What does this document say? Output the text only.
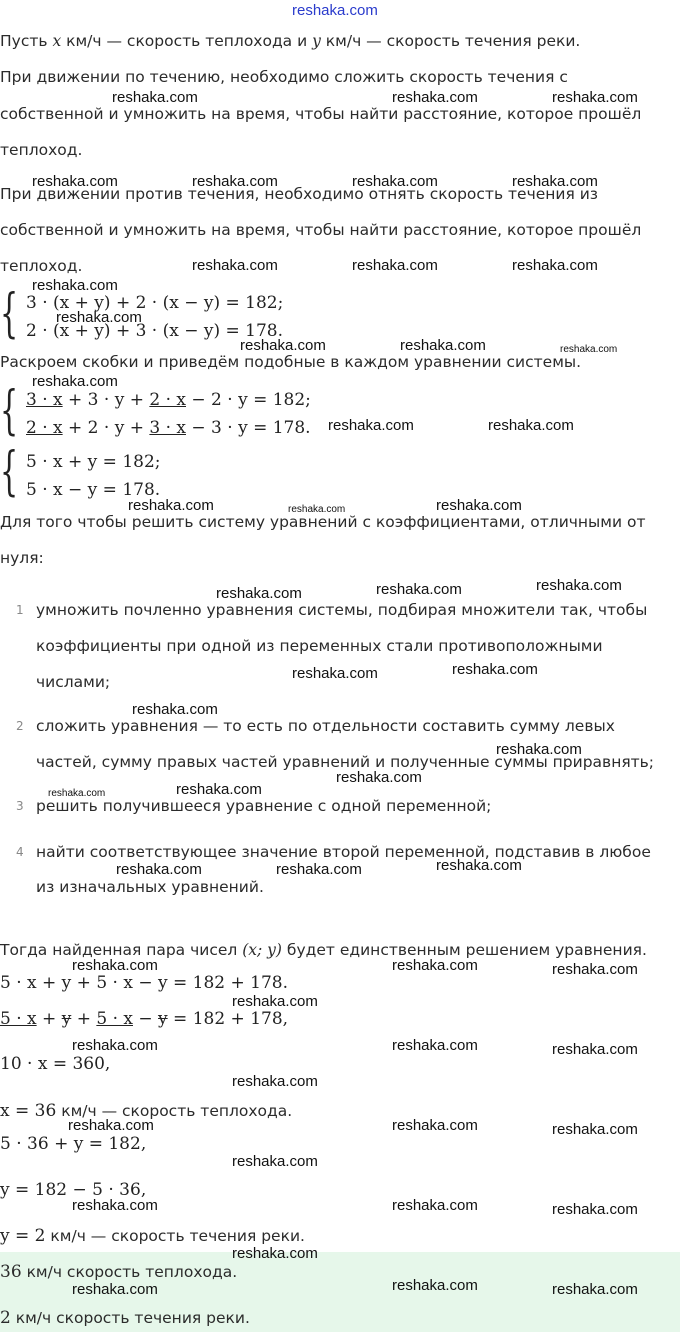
reshaka.com
Пусть x км/ч — скорость теплохода и y км/ч — скорость течения реки.
При движении по течению, необходимо сложить скорость течения с
собственной и умножить на время, чтобы найти расстояние, которое прошёл
теплоход.
При движении против течения, необходимо отнять скорость течения из
собственной и умножить на время, чтобы найти расстояние, которое прошёл
теплоход.
{ 3 · (x + y) + 2 · (x − y) = 182;
2 · (x + y) + 3 · (x − y) = 178.
Раскроем скобки и приведём подобные в каждом уравнении системы.
{ 3 · x + 3 · y + 2 · x − 2 · y = 182;
2 · x + 2 · y + 3 · x − 3 · y = 178.
{ 5 · x + y = 182;
5 · x − y = 178.
Для того чтобы решить систему уравнений с коэффициентами, отличными от
нуля:
1 умножить почленно уравнения системы, подбирая множители так, чтобы
коэффициенты при одной из переменных стали противоположными
числами;
2 сложить уравнения — то есть по отдельности составить сумму левых
частей, сумму правых частей уравнений и полученные суммы приравнять;
3 решить получившееся уравнение с одной переменной;
4 найти соответствующее значение второй переменной, подставив в любое
из изначальных уравнений.
Тогда найденная пара чисел (x; y) будет единственным решением уравнения.
5 · x + y + 5 · x − y = 182 + 178.
5 · x + y + 5 · x − y = 182 + 178,
10 · x = 360,
x = 36 км/ч — скорость теплохода.
5 · 36 + y = 182,
y = 182 − 5 · 36,
y = 2 км/ч — скорость течения реки.
36 км/ч скорость теплохода.
2 км/ч скорость течения реки.
reshaka.com	reshaka.com	reshaka.com
reshaka.com	reshaka.com	reshaka.com	reshaka.com
reshaka.com	reshaka.com	reshaka.com
reshaka.com
reshaka.com
reshaka.com	reshaka.com	reshaka.com
reshaka.com
reshaka.com	reshaka.com
reshaka.com	reshaka.com	reshaka.com
reshaka.com	reshaka.com	reshaka.com
reshaka.com	reshaka.com
reshaka.com
reshaka.com
reshaka.com
reshaka.com	reshaka.com
reshaka.com	reshaka.com	reshaka.com
reshaka.com	reshaka.com	reshaka.com
reshaka.com
reshaka.com	reshaka.com	reshaka.com
reshaka.com
reshaka.com	reshaka.com	reshaka.com
reshaka.com
reshaka.com	reshaka.com	reshaka.com
reshaka.com
reshaka.com	reshaka.com	reshaka.com
